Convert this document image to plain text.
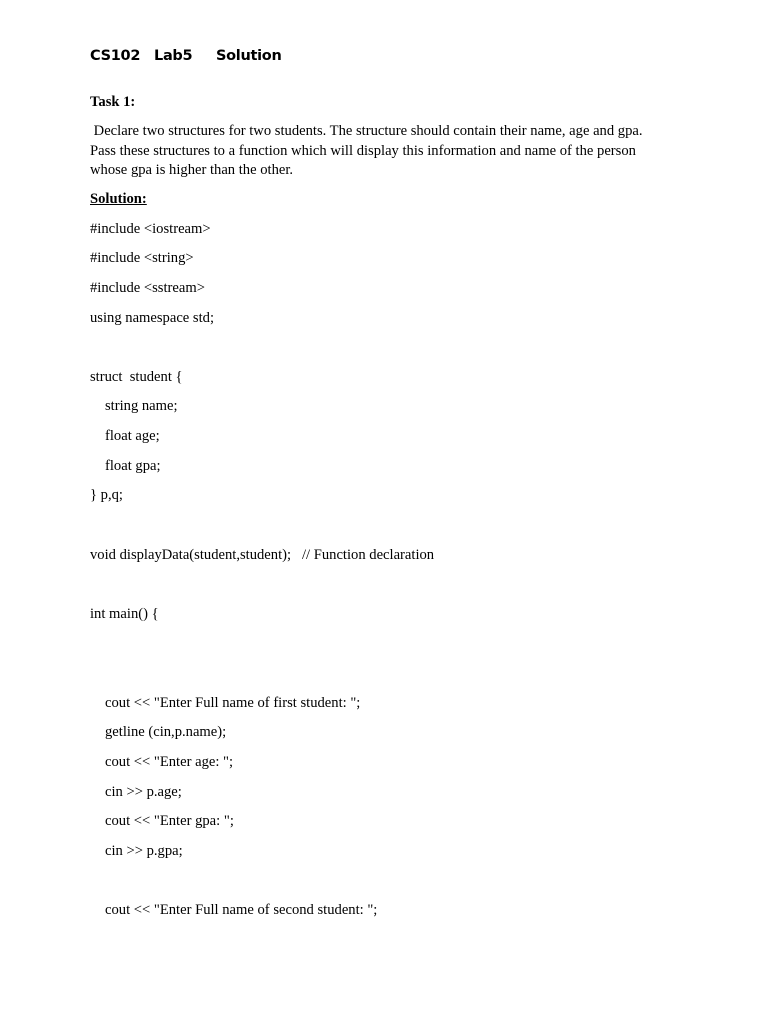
CS102 Lab5 Solution
Task 1:
Declare two structures for two students. The structure should contain their name, age and gpa. Pass these structures to a function which will display this information and name of the person whose gpa is higher than the other.
Solution:
#include <iostream>
#include <string>
#include <sstream>
using namespace std;
struct  student {
string name;
float age;
float gpa;
} p,q;
void displayData(student,student);   // Function declaration
int main() {
cout << "Enter Full name of first student: ";
getline (cin,p.name);
cout << "Enter age: ";
cin >> p.age;
cout << "Enter gpa: ";
cin >> p.gpa;
cout << "Enter Full name of second student: ";
